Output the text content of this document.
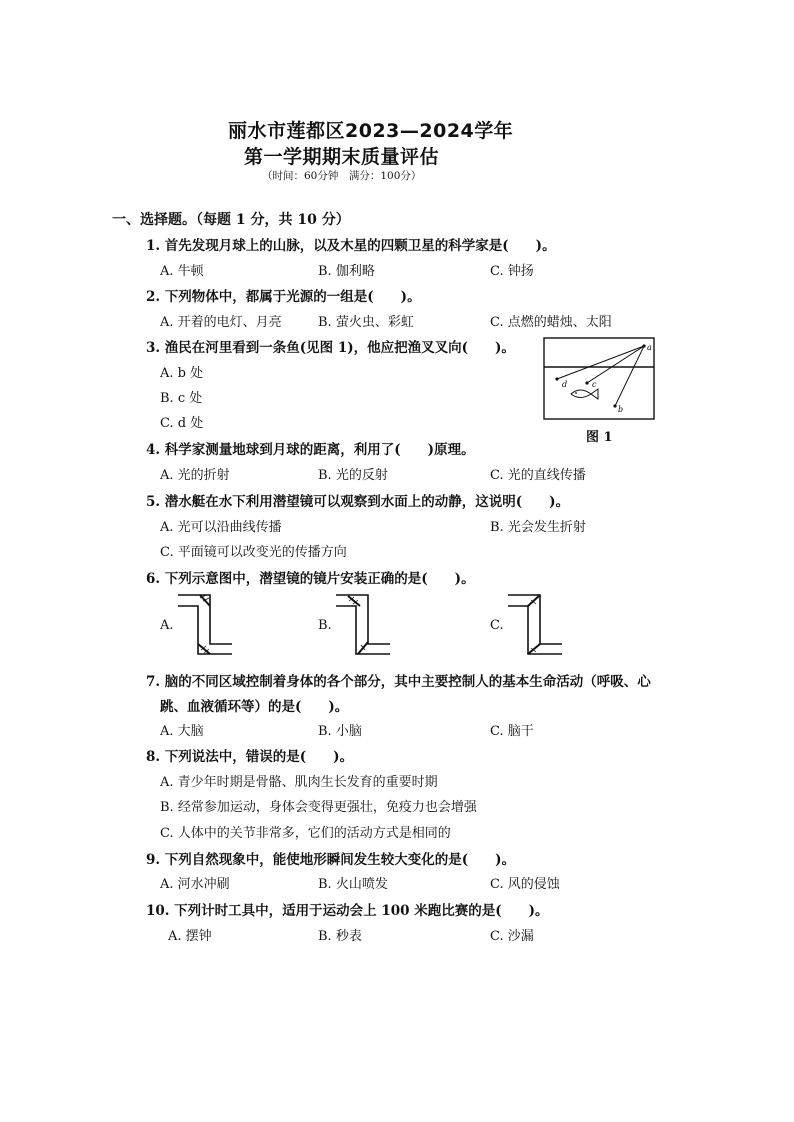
丽水市莲都区2023—2024学年
第一学期期末质量评估
（时间：60分钟　满分：100分）
一、选择题。（每题 1 分，共 10 分）
1. 首先发现月球上的山脉，以及木星的四颗卫星的科学家是(　　)。
A. 牛顿	B. 伽利略	C. 钟扬
2. 下列物体中，都属于光源的一组是(　　)。
A. 开着的电灯、月亮	B. 萤火虫、彩虹	C. 点燃的蜡烛、太阳
3. 渔民在河里看到一条鱼(见图 1)，他应把渔叉叉向(　　)。
A. b 处
B. c 处
C. d 处
a
d	c
b
图 1
4. 科学家测量地球到月球的距离，利用了(　　)原理。
A. 光的折射	B. 光的反射	C. 光的直线传播
5. 潜水艇在水下利用潜望镜可以观察到水面上的动静，这说明(　　)。
A. 光可以沿曲线传播	B. 光会发生折射
C. 平面镜可以改变光的传播方向
6. 下列示意图中，潜望镜的镜片安装正确的是(　　)。
A.	B.	C.
7. 脑的不同区域控制着身体的各个部分，其中主要控制人的基本生命活动（呼吸、心
跳、血液循环等）的是(　　)。
A. 大脑	B. 小脑	C. 脑干
8. 下列说法中，错误的是(　　)。
A. 青少年时期是骨骼、肌肉生长发育的重要时期
B. 经常参加运动，身体会变得更强壮，免疫力也会增强
C. 人体中的关节非常多，它们的活动方式是相同的
9. 下列自然现象中，能使地形瞬间发生较大变化的是(　　)。
A. 河水冲刷	B. 火山喷发	C. 风的侵蚀
10. 下列计时工具中，适用于运动会上 100 米跑比赛的是(　　)。
A. 摆钟	B. 秒表	C. 沙漏
